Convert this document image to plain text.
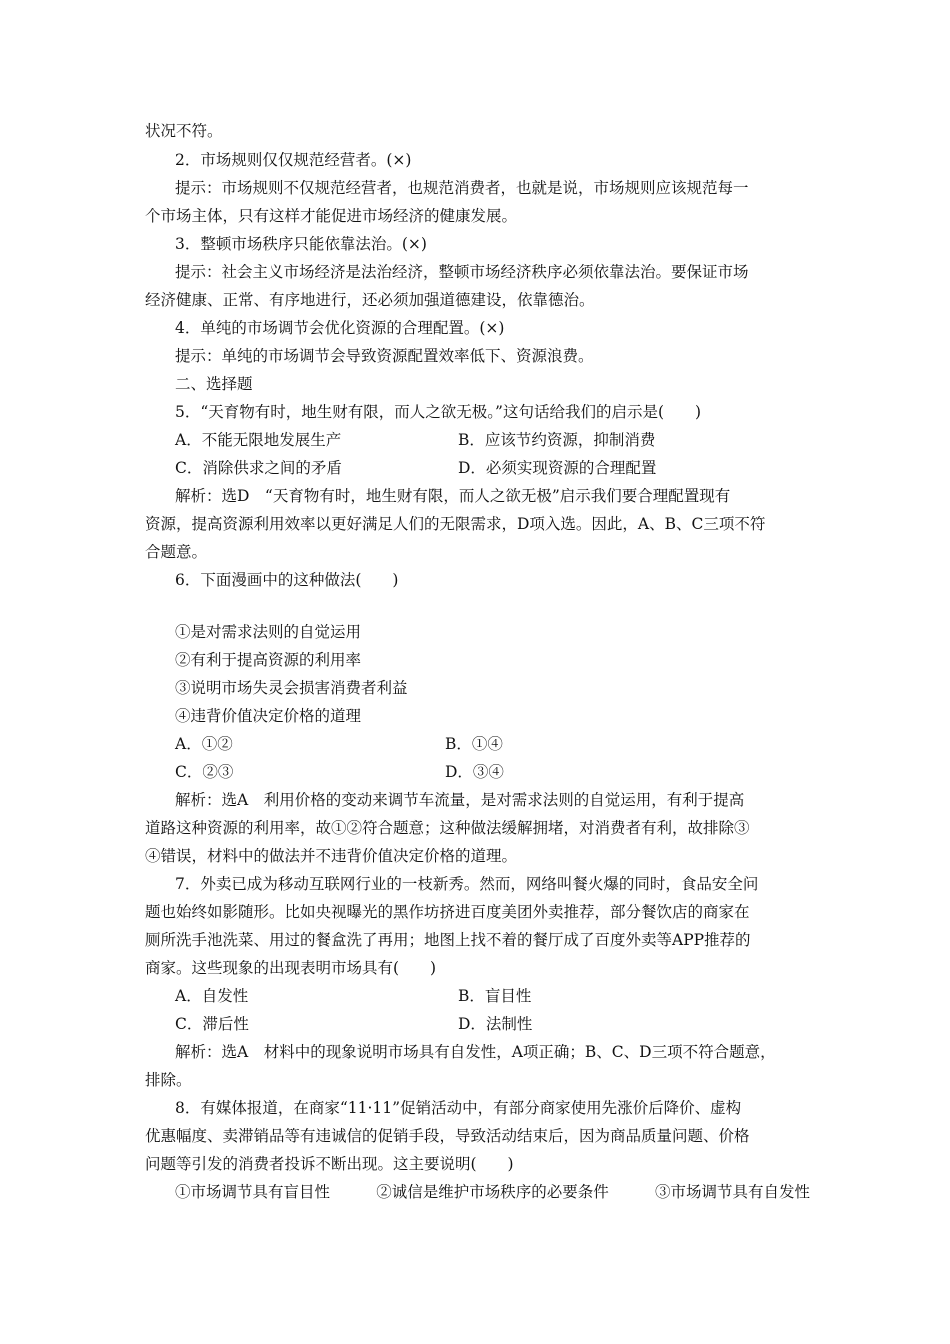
状况不符。
2．市场规则仅仅规范经营者。(×)
提示：市场规则不仅规范经营者，也规范消费者，也就是说，市场规则应该规范每一
个市场主体，只有这样才能促进市场经济的健康发展。
3．整顿市场秩序只能依靠法治。(×)
提示：社会主义市场经济是法治经济，整顿市场经济秩序必须依靠法治。要保证市场
经济健康、正常、有序地进行，还必须加强道德建设，依靠德治。
4．单纯的市场调节会优化资源的合理配置。(×)
提示：单纯的市场调节会导致资源配置效率低下、资源浪费。
二、选择题
5．“天育物有时，地生财有限，而人之欲无极。”这句话给我们的启示是(　　)
A．不能无限地发展生产	B．应该节约资源，抑制消费
C．消除供求之间的矛盾	D．必须实现资源的合理配置
解析：选D　“天育物有时，地生财有限，而人之欲无极”启示我们要合理配置现有
资源，提高资源利用效率以更好满足人们的无限需求，D项入选。因此，A、B、C三项不符
合题意。
6．下面漫画中的这种做法(　　)
①是对需求法则的自觉运用
②有利于提高资源的利用率
③说明市场失灵会损害消费者利益
④违背价值决定价格的道理
A．①②	B．①④
C．②③	D．③④
解析：选A　利用价格的变动来调节车流量，是对需求法则的自觉运用，有利于提高
道路这种资源的利用率，故①②符合题意；这种做法缓解拥堵，对消费者有利，故排除③
④错误，材料中的做法并不违背价值决定价格的道理。
7．外卖已成为移动互联网行业的一枝新秀。然而，网络叫餐火爆的同时，食品安全问
题也始终如影随形。比如央视曝光的黑作坊挤进百度美团外卖推荐，部分餐饮店的商家在
厕所洗手池洗菜、用过的餐盒洗了再用；地图上找不着的餐厅成了百度外卖等APP推荐的
商家。这些现象的出现表明市场具有(　　)
A．自发性	B．盲目性
C．滞后性	D．法制性
解析：选A　材料中的现象说明市场具有自发性，A项正确；B、C、D三项不符合题意，
排除。
8．有媒体报道，在商家“11·11”促销活动中，有部分商家使用先涨价后降价、虚构
优惠幅度、卖滞销品等有违诚信的促销手段，导致活动结束后，因为商品质量问题、价格
问题等引发的消费者投诉不断出现。这主要说明(　　)
①市场调节具有盲目性	②诚信是维护市场秩序的必要条件	③市场调节具有自发性
